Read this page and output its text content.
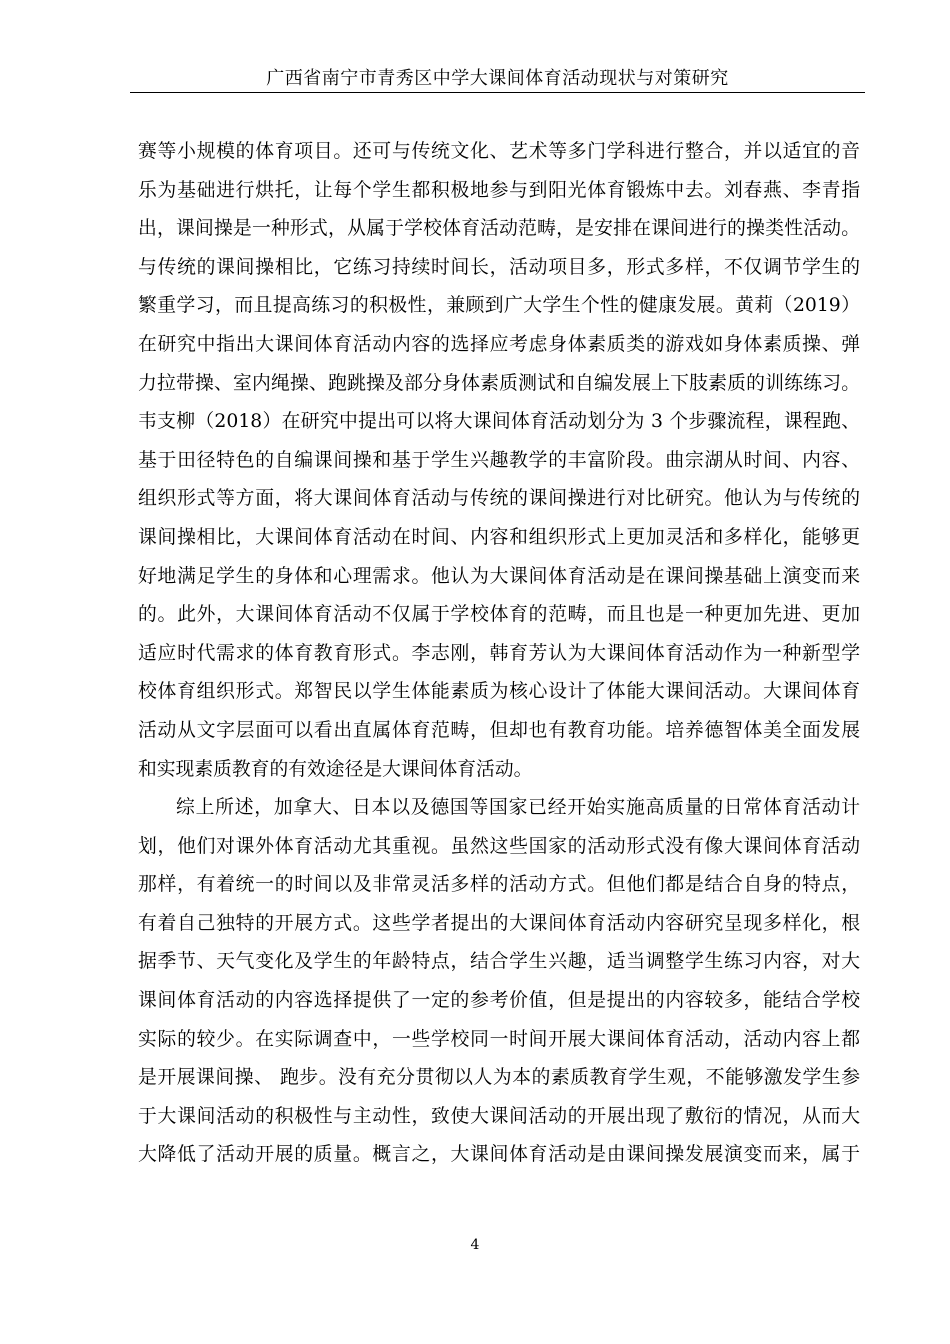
广西省南宁市青秀区中学大课间体育活动现状与对策研究
赛等小规模的体育项目。还可与传统文化、艺术等多门学科进行整合，并以适宜的音
乐为基础进行烘托，让每个学生都积极地参与到阳光体育锻炼中去。刘春燕、李青指
出，课间操是一种形式，从属于学校体育活动范畴，是安排在课间进行的操类性活动。
与传统的课间操相比，它练习持续时间长，活动项目多，形式多样，不仅调节学生的
繁重学习，而且提高练习的积极性，兼顾到广大学生个性的健康发展。黄莉（2019）
在研究中指出大课间体育活动内容的选择应考虑身体素质类的游戏如身体素质操、弹
力拉带操、室内绳操、跑跳操及部分身体素质测试和自编发展上下肢素质的训练练习。
韦支柳（2018）在研究中提出可以将大课间体育活动划分为 3 个步骤流程，课程跑、
基于田径特色的自编课间操和基于学生兴趣教学的丰富阶段。曲宗湖从时间、内容、
组织形式等方面，将大课间体育活动与传统的课间操进行对比研究。他认为与传统的
课间操相比，大课间体育活动在时间、内容和组织形式上更加灵活和多样化，能够更
好地满足学生的身体和心理需求。他认为大课间体育活动是在课间操基础上演变而来
的。此外，大课间体育活动不仅属于学校体育的范畴，而且也是一种更加先进、更加
适应时代需求的体育教育形式。李志刚，韩育芳认为大课间体育活动作为一种新型学
校体育组织形式。郑智民以学生体能素质为核心设计了体能大课间活动。大课间体育
活动从文字层面可以看出直属体育范畴，但却也有教育功能。培养德智体美全面发展
和实现素质教育的有效途径是大课间体育活动。
综上所述，加拿大、日本以及德国等国家已经开始实施高质量的日常体育活动计
划，他们对课外体育活动尤其重视。虽然这些国家的活动形式没有像大课间体育活动
那样，有着统一的时间以及非常灵活多样的活动方式。但他们都是结合自身的特点，
有着自己独特的开展方式。这些学者提出的大课间体育活动内容研究呈现多样化，根
据季节、天气变化及学生的年龄特点，结合学生兴趣，适当调整学生练习内容，对大
课间体育活动的内容选择提供了一定的参考价值，但是提出的内容较多，能结合学校
实际的较少。在实际调查中，一些学校同一时间开展大课间体育活动，活动内容上都
是开展课间操、 跑步。没有充分贯彻以人为本的素质教育学生观，不能够激发学生参
于大课间活动的积极性与主动性，致使大课间活动的开展出现了敷衍的情况，从而大
大降低了活动开展的质量。概言之，大课间体育活动是由课间操发展演变而来，属于
4
